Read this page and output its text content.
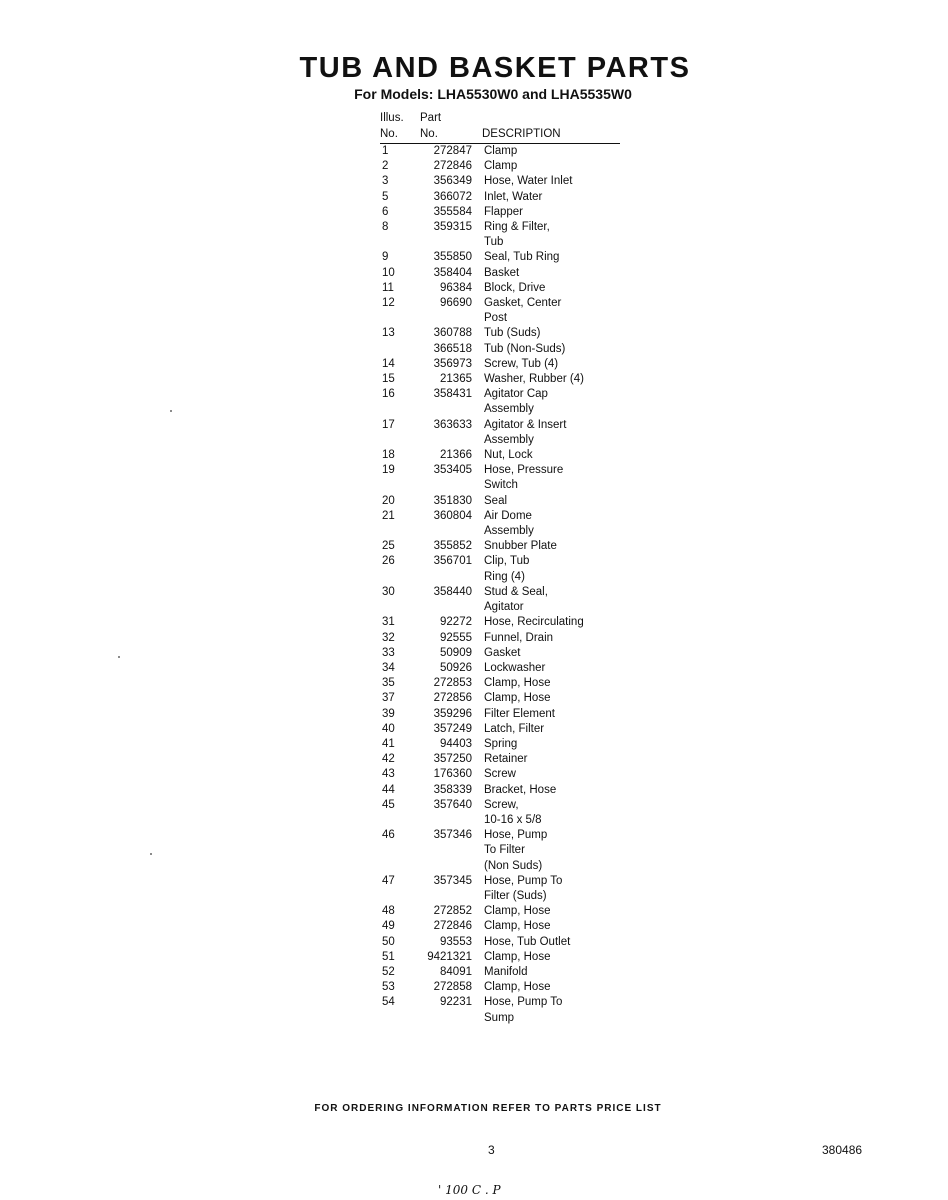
TUB AND BASKET PARTS
For Models: LHA5530W0 and LHA5535W0
Illus. Part
No. No.	DESCRIPTION
1	272847	Clamp
2	272846	Clamp
3	356349	Hose, Water Inlet
5	366072	Inlet, Water
6	355584	Flapper
8	359315	Ring & Filter,
Tub
9	355850	Seal, Tub Ring
10	358404	Basket
11	96384	Block, Drive
12	96690	Gasket, Center
Post
13	360788	Tub (Suds)
366518	Tub (Non-Suds)
14	356973	Screw, Tub (4)
15	21365	Washer, Rubber (4)
16	358431	Agitator Cap
Assembly
17	363633	Agitator & Insert
Assembly
18	21366	Nut, Lock
19	353405	Hose, Pressure
Switch
20	351830	Seal
21	360804	Air Dome
Assembly
25	355852	Snubber Plate
26	356701	Clip, Tub
Ring (4)
30	358440	Stud & Seal,
Agitator
31	92272	Hose, Recirculating
32	92555	Funnel, Drain
33	50909	Gasket
34	50926	Lockwasher
35	272853	Clamp, Hose
37	272856	Clamp, Hose
39	359296	Filter Element
40	357249	Latch, Filter
41	94403	Spring
42	357250	Retainer
43	176360	Screw
44	358339	Bracket, Hose
45	357640	Screw,
10-16 x 5/8
46	357346	Hose, Pump
To Filter
(Non Suds)
47	357345	Hose, Pump To
Filter (Suds)
48	272852	Clamp, Hose
49	272846	Clamp, Hose
50	93553	Hose, Tub Outlet
51	9421321	Clamp, Hose
52	84091	Manifold
53	272858	Clamp, Hose
54	92231	Hose, Pump To
Sump
FOR ORDERING INFORMATION REFER TO PARTS PRICE LIST
3	380486
' 100 C . P
